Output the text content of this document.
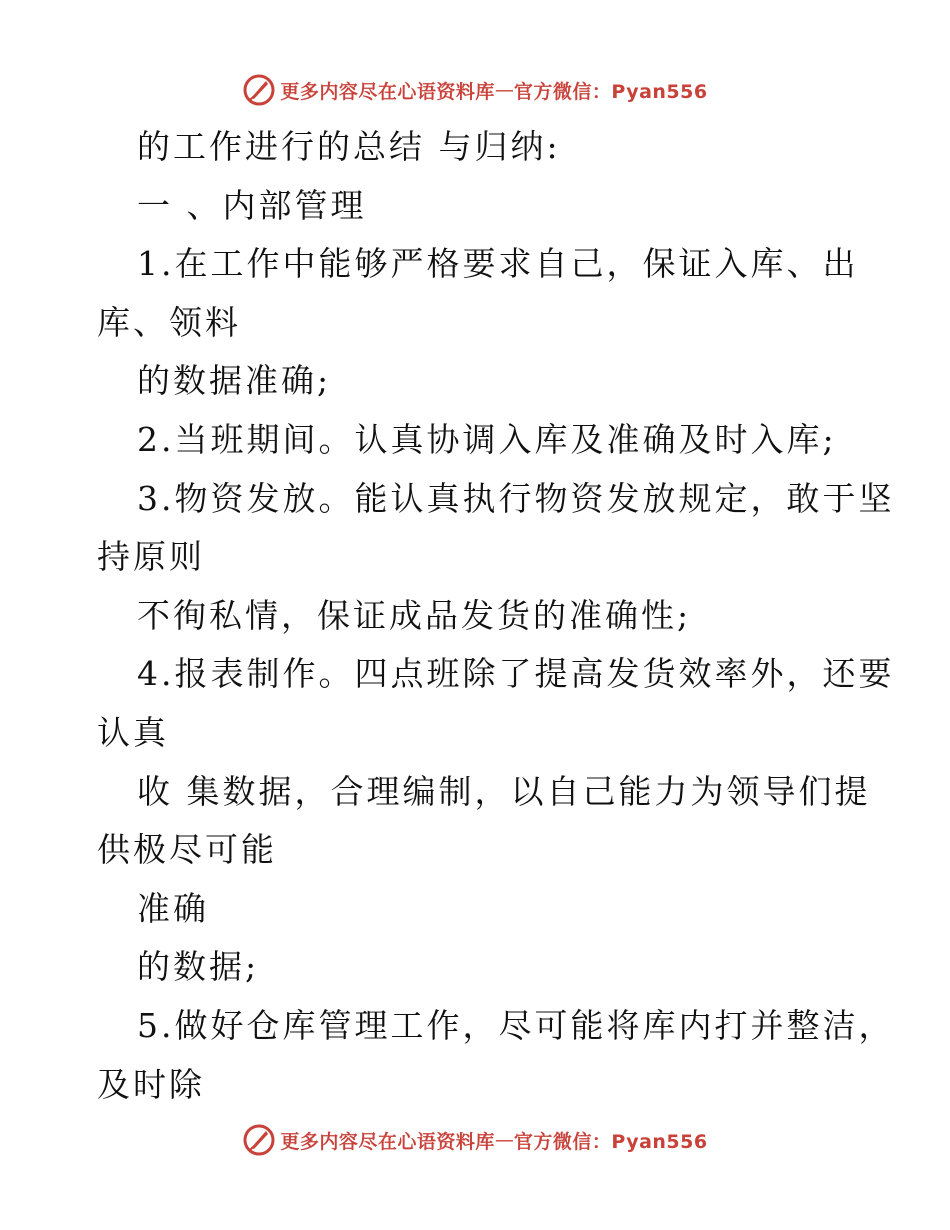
更多内容尽在心语资料库 — 官方微信：Pyan556
的工作进行的总结 与归纳:
一 、内部管理
1.在工作中能够严格要求自己，保证入库、出
库、领料
的数据准确;
2.当班期间。认真协调入库及准确及时入库;
3.物资发放。能认真执行物资发放规定，敢于坚
持原则
不徇私情，保证成品发货的准确性;
4.报表制作。四点班除了提高发货效率外，还要
认真
收 集数据，合理编制，以自己能力为领导们提
供极尽可能
准确
的数据;
5.做好仓库管理工作，尽可能将库内打并整洁，
及时除
更多内容尽在心语资料库 — 官方微信：Pyan556
